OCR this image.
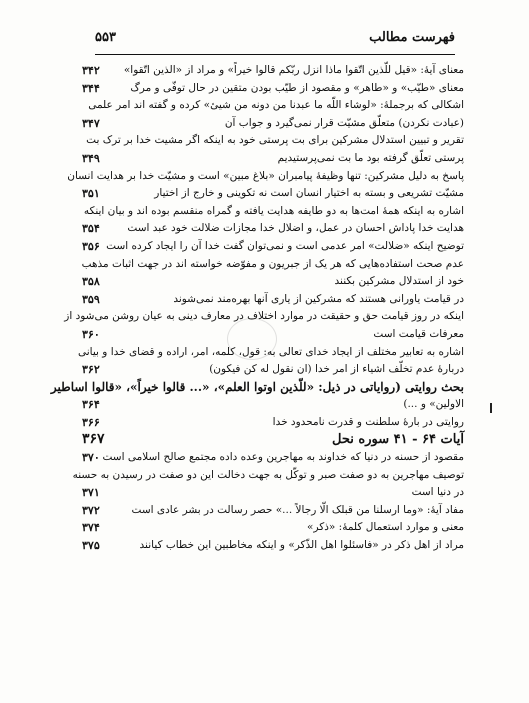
فهرست مطالب
۵۵۳
معنای آیهٔ: «قیل للّذین اتّقوا ماذا انزل ربّکم قالوا خیراً» و مراد از «الذین اتّقوا»
۳۴۲
معنای «طیّب» و «طاهر» و مقصود از طیّب بودن متقین در حال توفّی و مرگ
۳۴۴
اشکالی که برجملهٔ: «لوشاء اللّه ما عبدنا من دونه من شیئ» کرده و گفته اند امر علمی
(عبادت نکردن) متعلّق مشیّت قرار نمی‌گیرد و جواب آن
۳۴۷
تقریر و تبیین استدلال مشرکین برای بت پرستی خود به اینکه اگر مشیت خدا بر ترک بت
پرستی تعلّق گرفته بود ما بت نمی‌پرستیدیم
۳۴۹
پاسخ به دلیل مشرکین: تنها وظیفهٔ پیامبران «بلاغ مبین» است و مشیّت خدا بر هدایت انسان
مشیّت تشریعی و بسته به اختیار انسان است نه تکوینی و خارج از اختیار
۳۵۱
اشاره به اینکه همهٔ امت‌ها به دو طایفه هدایت یافته و گمراه منقسم بوده اند و بیان اینکه
هدایت خدا پاداش احسان در عمل، و اضلال خدا مجازات ضلالت خود عبد است
۳۵۴
توضیح اینکه «ضلالت» امر عدمی است و نمی‌توان گفت خدا آن را ایجاد کرده است
۳۵۶
عدم صحت استفاده‌هایی که هر یک از جبریون و مفوّضه خواسته اند در جهت اثبات مذهب
خود از استدلال مشرکین بکنند
۳۵۸
در قیامت یاورانی هستند که مشرکین از یاری آنها بهره‌مند نمی‌شوند
۳۵۹
اینکه در روز قیامت حق و حقیقت در موارد اختلاف در معارف دینی به عیان روشن می‌شود از
معرفات قیامت است
۳۶۰
اشاره به تعابیر مختلف از ایجاد خدای تعالی به: قول، کلمه، امر، اراده و قضای خدا و بیانی
دربارهٔ عدم تخلّف اشیاء از امر خدا (ان نقول له کن فیکون)
۳۶۲
بحث روایتی (روایاتی در ذیل: «للّذین اوتوا العلم»، «... قالوا خیراً»، «قالوا اساطیر
الاولین» و ...)
۳۶۴
روایتی در بارهٔ سلطنت و قدرت نامحدود خدا
۳۶۶
آیات ۶۴ - ۴۱ سوره نحل
۳۶۷
مقصود از حسنه در دنیا که خداوند به مهاجرین وعده داده مجتمع صالح اسلامی است
۳۷۰
توصیف مهاجرین به دو صفت صبر و توکّل به جهت دخالت این دو صفت در رسیدن به حسنه
در دنیا است
۳۷۱
مفاد آیهٔ: «وما ارسلنا من قبلک الّا رجالاً ...» حصر رسالت در بشر عادی است
۳۷۲
معنی و موارد استعمال کلمهٔ: «ذکر»
۳۷۴
مراد از اهل ذکر در «فاسئلوا اهل الذّکر» و اینکه مخاطبین این خطاب کیانند
۳۷۵
